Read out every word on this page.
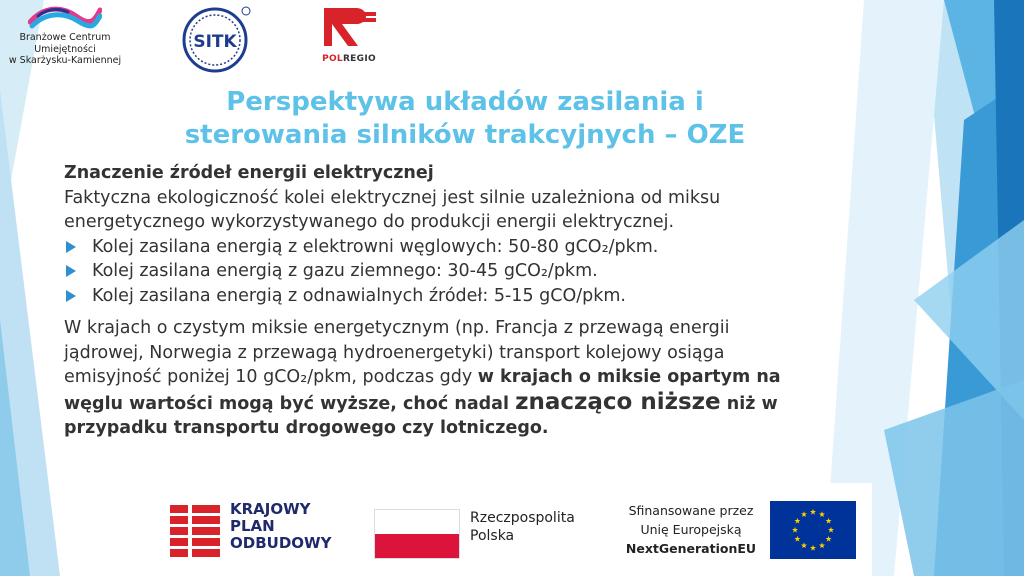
Branżowe Centrum
Umiejętności
w Skarżysku-Kamiennej
SITK
POLREGIO
Perspektywa układów zasilania i
sterowania silników trakcyjnych – OZE
Znaczenie źródeł energii elektrycznej
Faktyczna ekologiczność kolei elektrycznej jest silnie uzależniona od miksu energetycznego wykorzystywanego do produkcji energii elektrycznej.
Kolej zasilana energią z elektrowni węglowych: 50-80 gCO₂/pkm.
Kolej zasilana energią z gazu ziemnego: 30-45 gCO₂/pkm.
Kolej zasilana energią z odnawialnych źródeł: 5-15 gCO/pkm.
W krajach o czystym miksie energetycznym (np. Francja z przewagą energii jądrowej, Norwegia z przewagą hydroenergetyki) transport kolejowy osiąga emisyjność poniżej 10 gCO₂/pkm, podczas gdy w krajach o miksie opartym na węglu wartości mogą być wyższe, choć nadal znacząco niższe niż w przypadku transportu drogowego czy lotniczego.
KRAJOWY
PLAN
ODBUDOWY
Rzeczpospolita
Polska
Sfinansowane przez
Unię Europejską
NextGenerationEU
